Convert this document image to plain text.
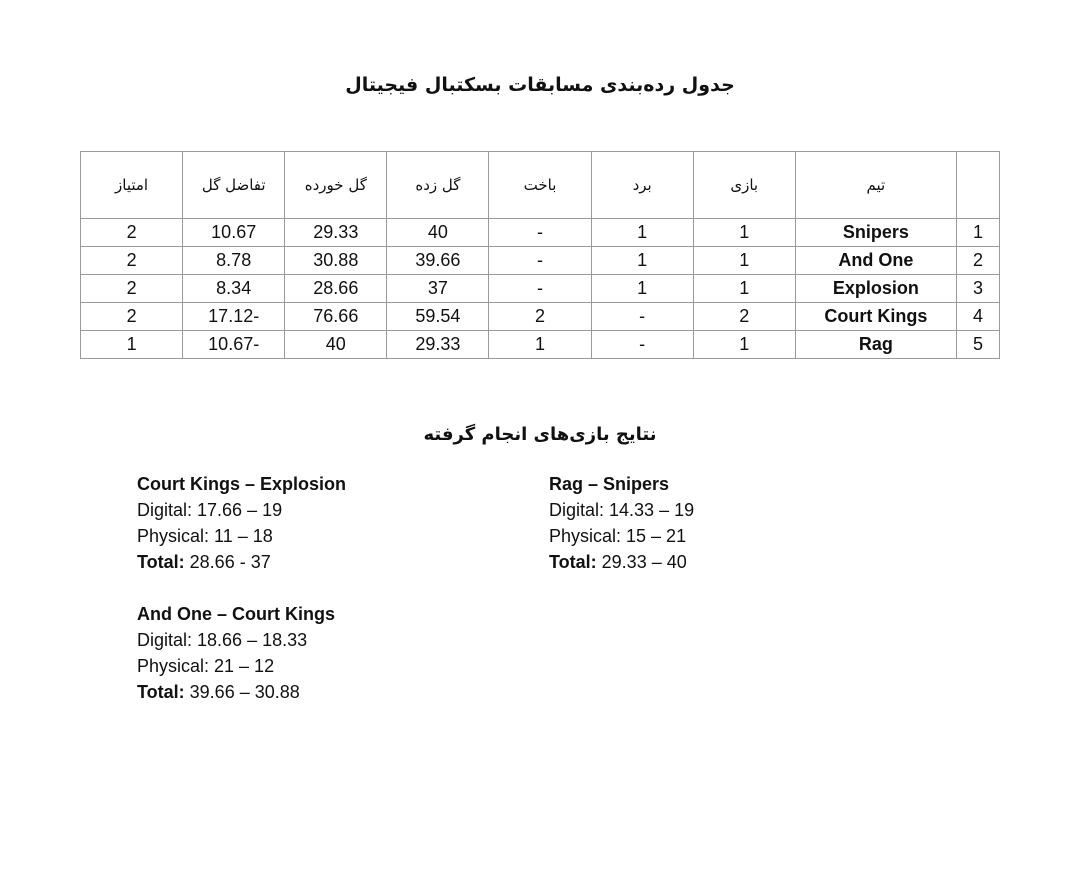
جدول رده‌بندی مسابقات بسکتبال فیجیتال
	تیم	بازی	برد	باخت	گل زده	گل خورده	تفاضل گل	امتیاز
1	Snipers	1	1	-	40	29.33	10.67	2
2	And One	1	1	-	39.66	30.88	8.78	2
3	Explosion	1	1	-	37	28.66	8.34	2
4	Court Kings	2	-	2	59.54	76.66	-17.12	2
5	Rag	1	-	1	29.33	40	-10.67	1
نتایج بازی‌های انجام گرفته
Court Kings – Explosion
Digital: 17.66 – 19
Physical: 11 – 18
Total: 28.66 - 37
Rag – Snipers
Digital: 14.33 – 19
Physical: 15 – 21
Total: 29.33 – 40
And One – Court Kings
Digital: 18.66 – 18.33
Physical: 21 – 12
Total: 39.66 – 30.88
